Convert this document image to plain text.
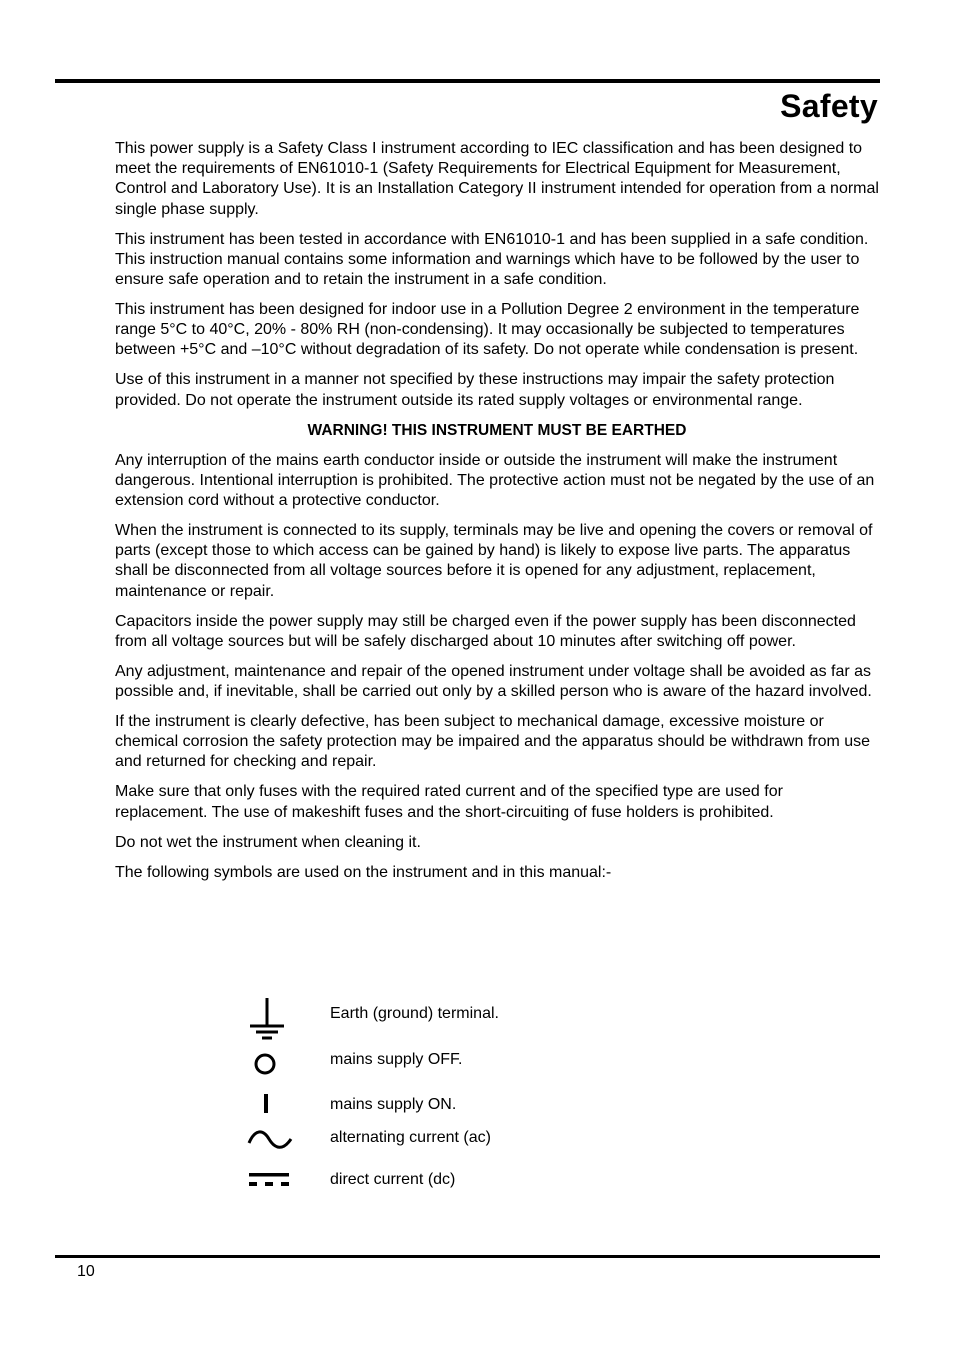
Safety

This power supply is a Safety Class I instrument according to IEC classification and has been designed to meet the requirements of EN61010-1 (Safety Requirements for Electrical Equipment for Measurement, Control and Laboratory Use). It is an Installation Category II instrument intended for operation from a normal single phase supply.

This instrument has been tested in accordance with EN61010-1 and has been supplied in a safe condition. This instruction manual contains some information and warnings which have to be followed by the user to ensure safe operation and to retain the instrument in a safe condition.

This instrument has been designed for indoor use in a Pollution Degree 2 environment in the temperature range 5°C to 40°C, 20% - 80% RH (non-condensing). It may occasionally be subjected to temperatures between +5°C and –10°C without degradation of its safety. Do not operate while condensation is present.

Use of this instrument in a manner not specified by these instructions may impair the safety protection provided. Do not operate the instrument outside its rated supply voltages or environmental range.

WARNING! THIS INSTRUMENT MUST BE EARTHED

Any interruption of the mains earth conductor inside or outside the instrument will make the instrument dangerous. Intentional interruption is prohibited. The protective action must not be negated by the use of an extension cord without a protective conductor.

When the instrument is connected to its supply, terminals may be live and opening the covers or removal of parts (except those to which access can be gained by hand) is likely to expose live parts. The apparatus shall be disconnected from all voltage sources before it is opened for any adjustment, replacement, maintenance or repair.

Capacitors inside the power supply may still be charged even if the power supply has been disconnected from all voltage sources but will be safely discharged about 10 minutes after switching off power.

Any adjustment, maintenance and repair of the opened instrument under voltage shall be avoided as far as possible and, if inevitable, shall be carried out only by a skilled person who is aware of the hazard involved.

If the instrument is clearly defective, has been subject to mechanical damage, excessive moisture or chemical corrosion the safety protection may be impaired and the apparatus should be withdrawn from use and returned for checking and repair.

Make sure that only fuses with the required rated current and of the specified type are used for replacement. The use of makeshift fuses and the short-circuiting of fuse holders is prohibited.

Do not wet the instrument when cleaning it.

The following symbols are used on the instrument and in this manual:-

Earth (ground) terminal.
mains supply OFF.
mains supply ON.
alternating current (ac)
direct current (dc)
10
